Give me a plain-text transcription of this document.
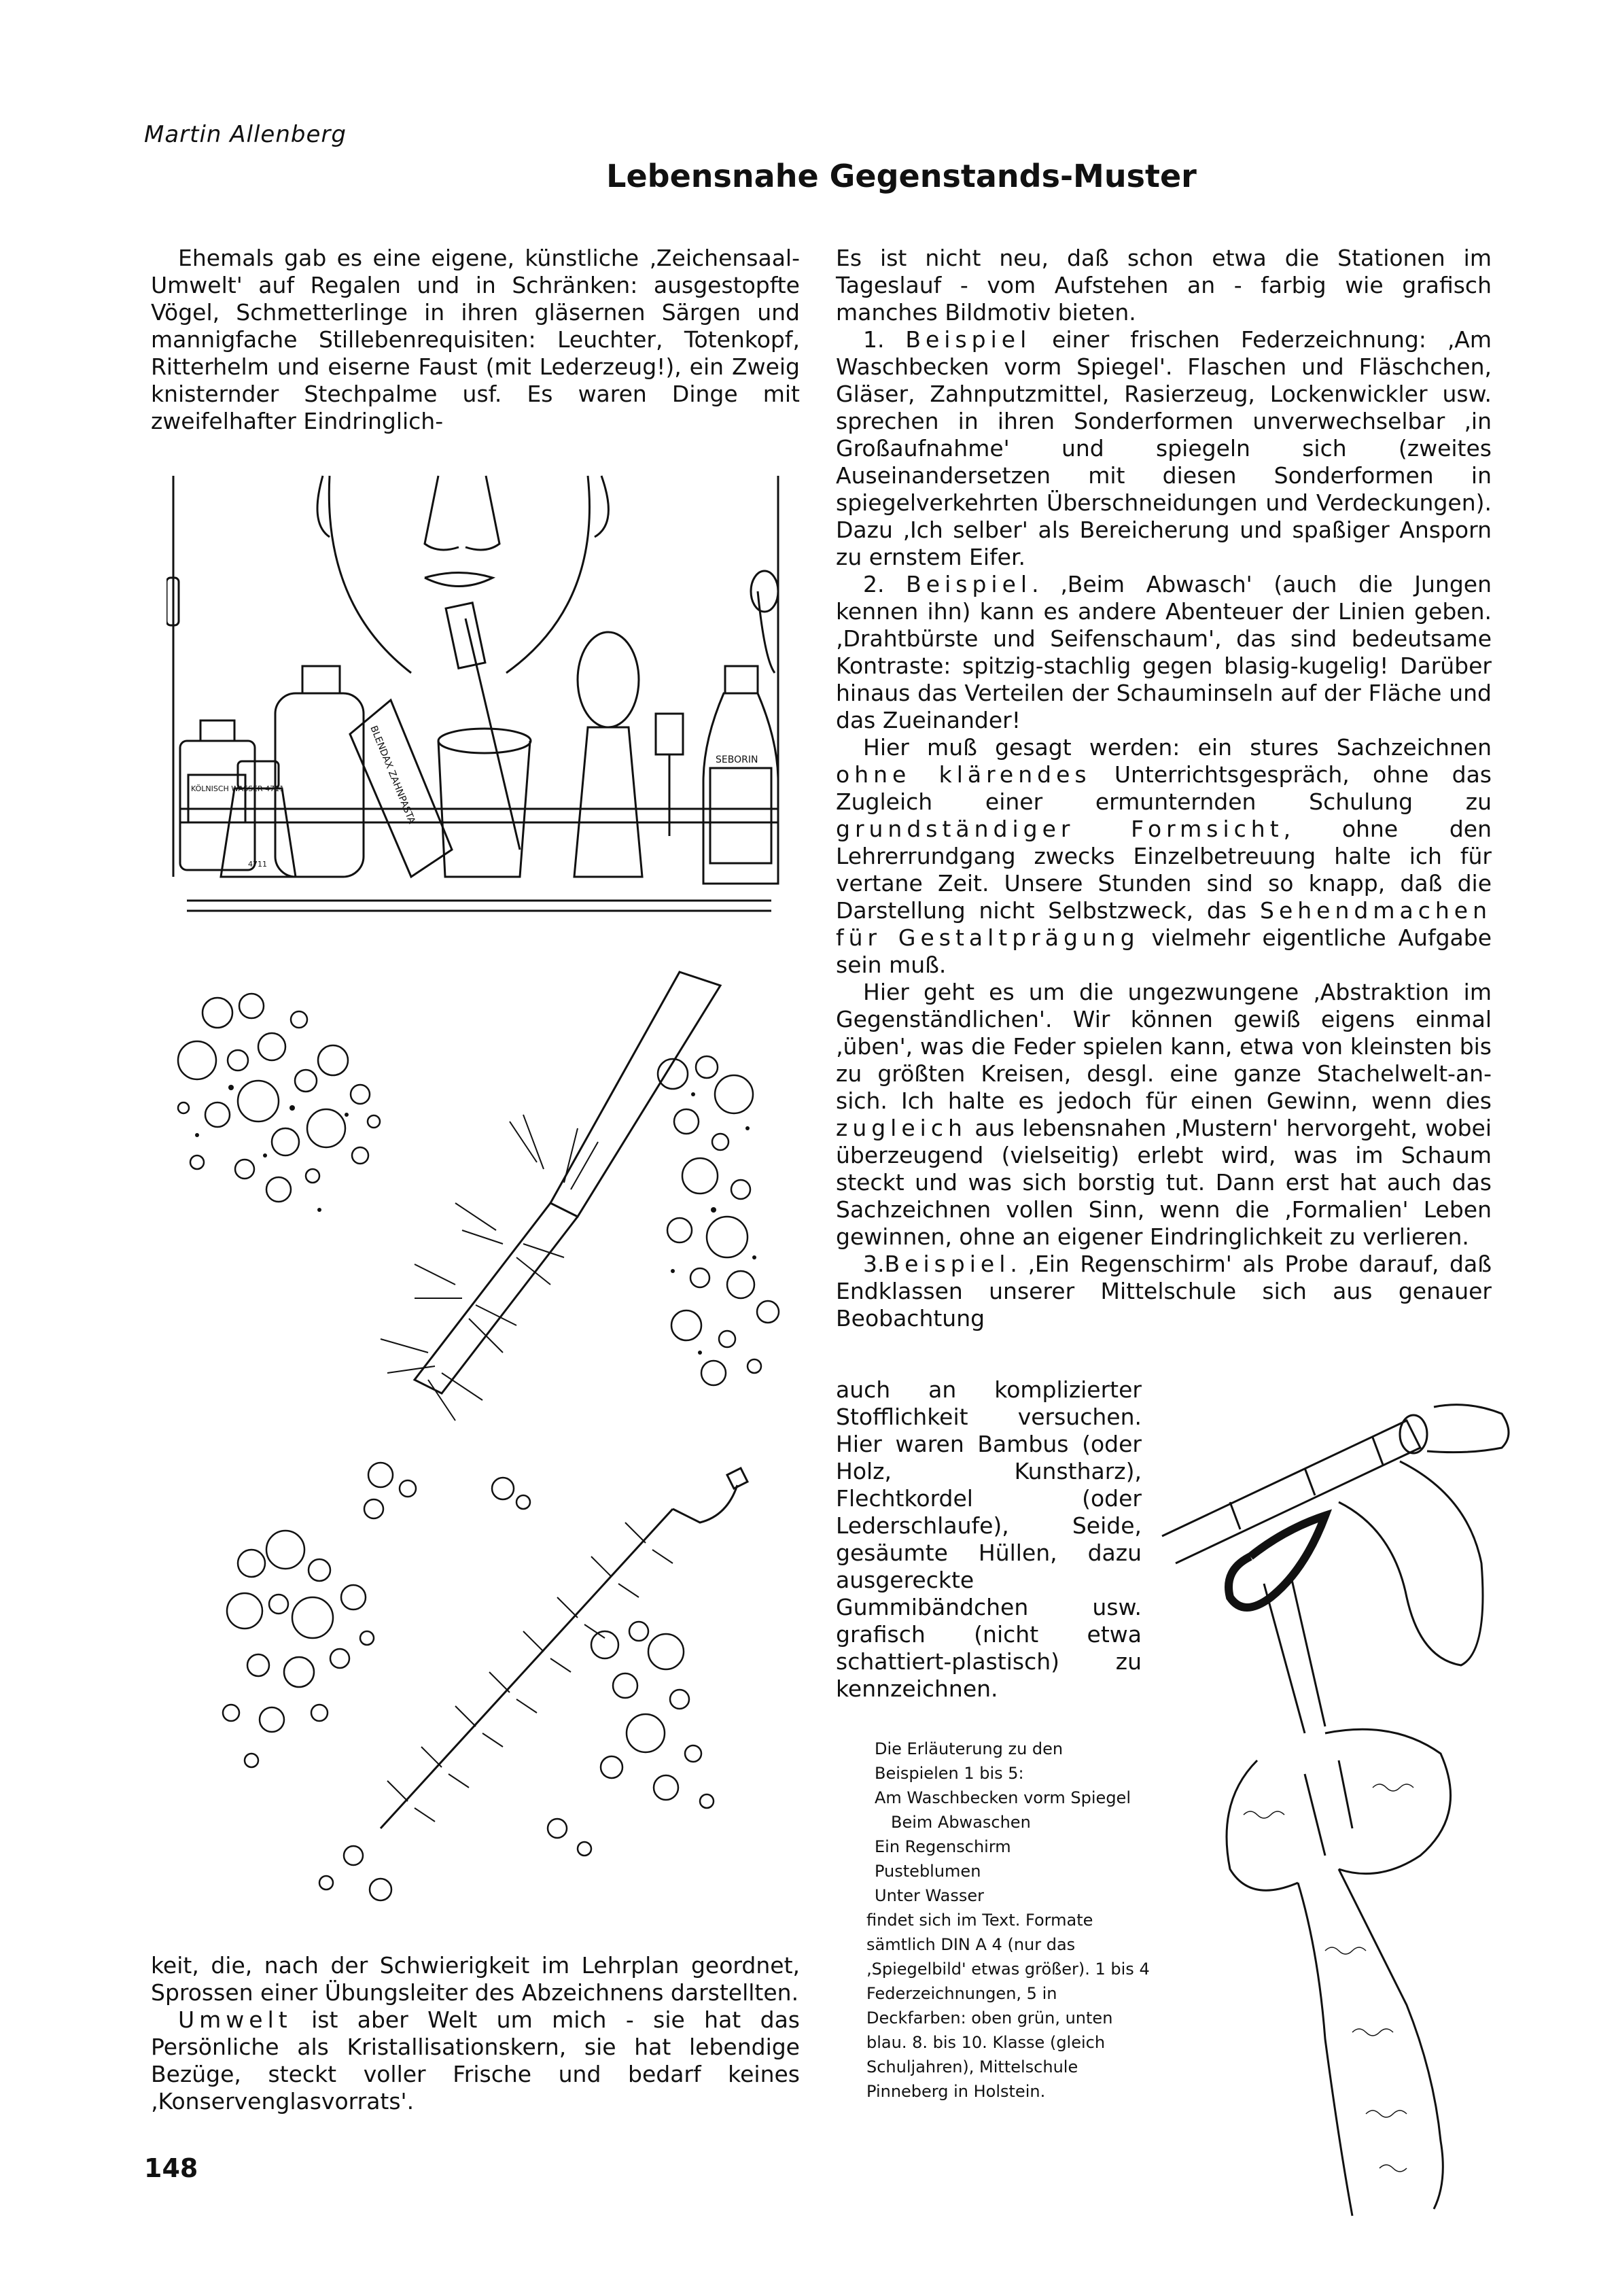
Martin Allenberg
Lebensnahe Gegenstands-Muster

Ehemals gab es eine eigene, künstliche ‚Zeichensaal-Umwelt' auf Regalen und in Schränken: ausgestopfte Vögel, Schmetterlinge in ihren gläsernen Särgen und mannigfache Stillebenrequisiten: Leuchter, Totenkopf, Ritterhelm und eiserne Faust (mit Lederzeug!), ein Zweig knisternder Stechpalme usf. Es waren Dinge mit zweifelhafter Eindringlich-

KÖLNISCH WASSER 4711
4711
BLENDAX ZAHNPASTA	SEBORIN

keit, die, nach der Schwierigkeit im Lehrplan geordnet, Sprossen einer Übungsleiter des Abzeichnens darstellten.

Umwelt ist aber Welt um mich - sie hat das Persönliche als Kristallisationskern, sie hat lebendige Bezüge, steckt voller Frische und bedarf keines ‚Konservenglasvorrats'.

Es ist nicht neu, daß schon etwa die Stationen im Tageslauf - vom Aufstehen an - farbig wie grafisch manches Bildmotiv bieten.

1. Beispiel einer frischen Federzeichnung: ‚Am Waschbecken vorm Spiegel'. Flaschen und Fläschchen, Gläser, Zahnputzmittel, Rasierzeug, Lockenwickler usw. sprechen in ihren Sonderformen unverwechselbar ‚in Großaufnahme' und spiegeln sich (zweites Auseinandersetzen mit diesen Sonderformen in spiegelverkehrten Überschneidungen und Verdeckungen). Dazu ‚Ich selber' als Bereicherung und spaßiger Ansporn zu ernstem Eifer.

2. Beispiel. ‚Beim Abwasch' (auch die Jungen kennen ihn) kann es andere Abenteuer der Linien geben. ‚Drahtbürste und Seifenschaum', das sind bedeutsame Kontraste: spitzig-stachlig gegen blasig-kugelig! Darüber hinaus das Verteilen der Schauminseln auf der Fläche und das Zueinander!

Hier muß gesagt werden: ein stures Sachzeichnen ohne klärendes Unterrichtsgespräch, ohne das Zugleich einer ermunternden Schulung zu grundständiger Formsicht, ohne den Lehrerrundgang zwecks Einzelbetreuung halte ich für vertane Zeit. Unsere Stunden sind so knapp, daß die Darstellung nicht Selbstzweck, das Sehendmachen für Gestaltprägung vielmehr eigentliche Aufgabe sein muß.

Hier geht es um die ungezwungene ‚Abstraktion im Gegenständlichen'. Wir können gewiß eigens einmal ‚üben', was die Feder spielen kann, etwa von kleinsten bis zu größten Kreisen, desgl. eine ganze Stachelwelt-an-sich. Ich halte es jedoch für einen Gewinn, wenn dies zugleich aus lebensnahen ‚Mustern' hervorgeht, wobei überzeugend (vielseitig) erlebt wird, was im Schaum steckt und was sich borstig tut. Dann erst hat auch das Sachzeichnen vollen Sinn, wenn die ‚Formalien' Leben gewinnen, ohne an eigener Eindringlichkeit zu verlieren.

3.Beispiel. ‚Ein Regenschirm' als Probe darauf, daß Endklassen unserer Mittelschule sich aus genauer Beobachtung

auch an komplizierter Stofflichkeit versuchen. Hier waren Bambus (oder Holz, Kunstharz), Flechtkordel (oder Lederschlaufe), Seide, gesäumte Hüllen, dazu ausgereckte Gummibändchen usw. grafisch (nicht etwa schattiert-plastisch) zu kennzeichnen.

Die Erläuterung zu den Beispielen 1 bis 5:
Am Waschbecken vorm Spiegel
Beim Abwaschen
Ein Regenschirm
Pusteblumen
Unter Wasser
findet sich im Text. Formate sämtlich DIN A 4 (nur das ‚Spiegelbild' etwas größer). 1 bis 4 Federzeichnungen, 5 in Deckfarben: oben grün, unten blau. 8. bis 10. Klasse (gleich Schuljahren), Mittelschule Pinneberg in Holstein.
148
